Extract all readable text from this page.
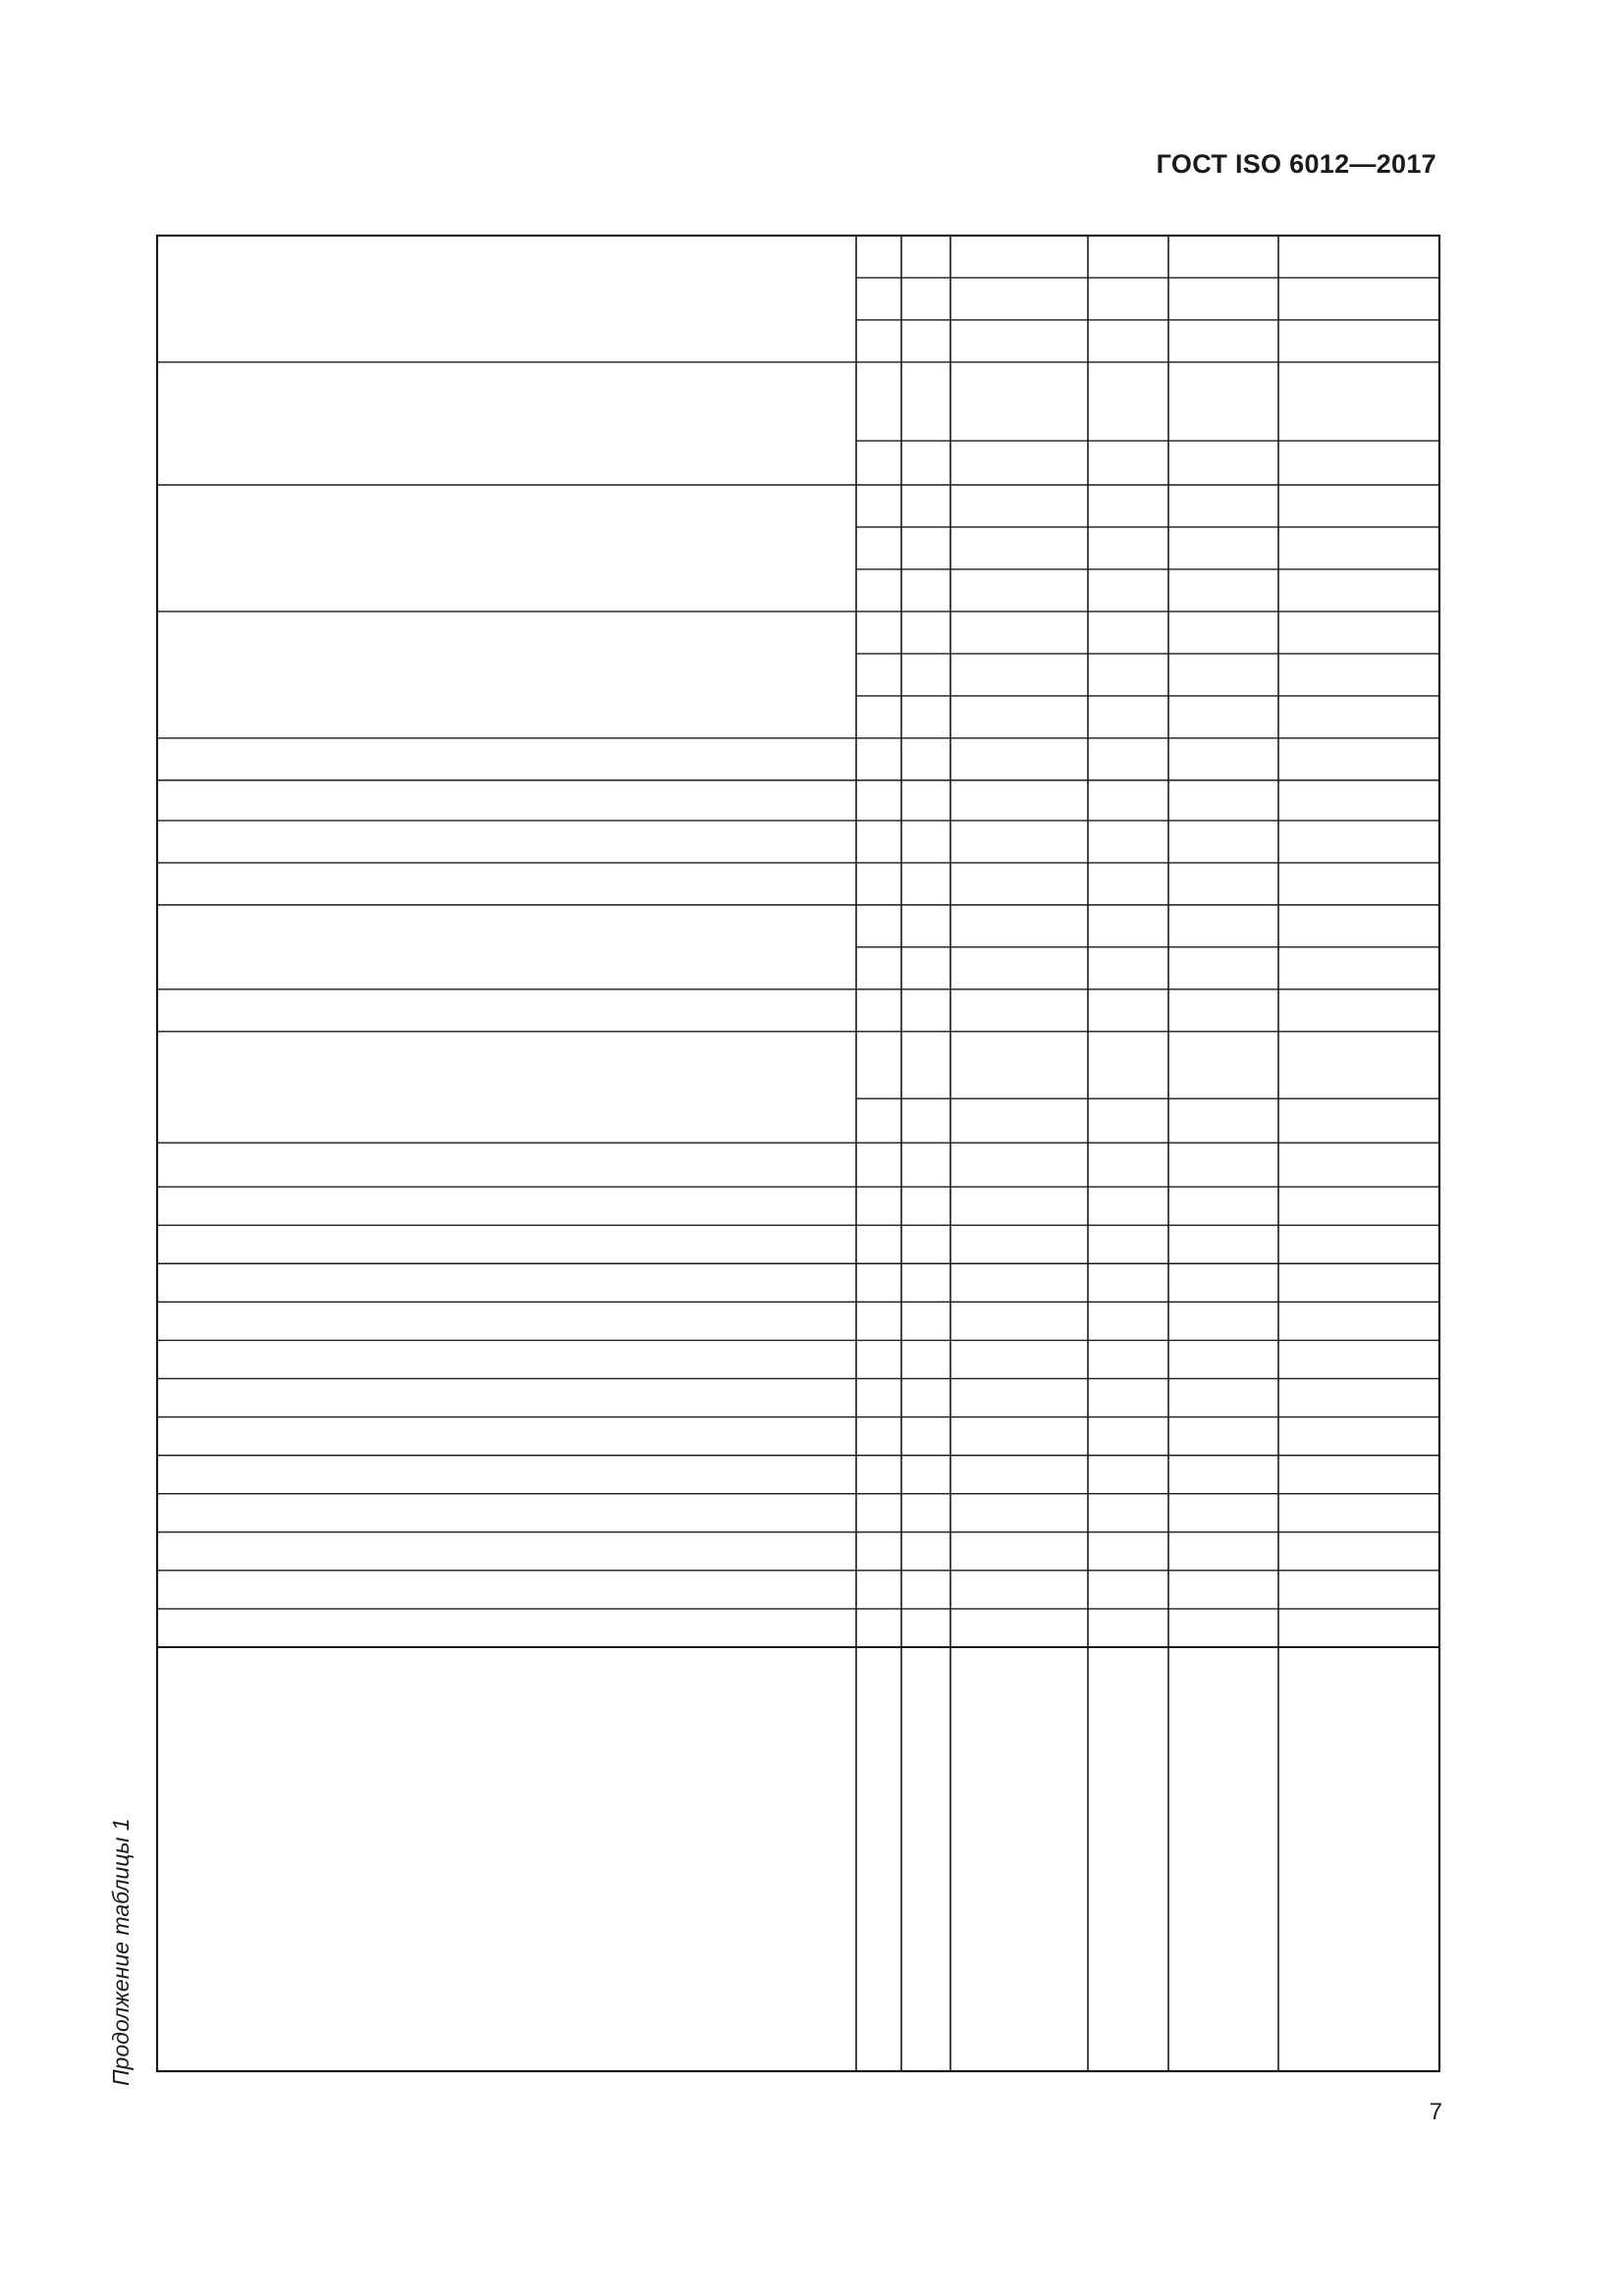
ГОСТ ISO 6012—2017
Продолжение таблицы 1
7
